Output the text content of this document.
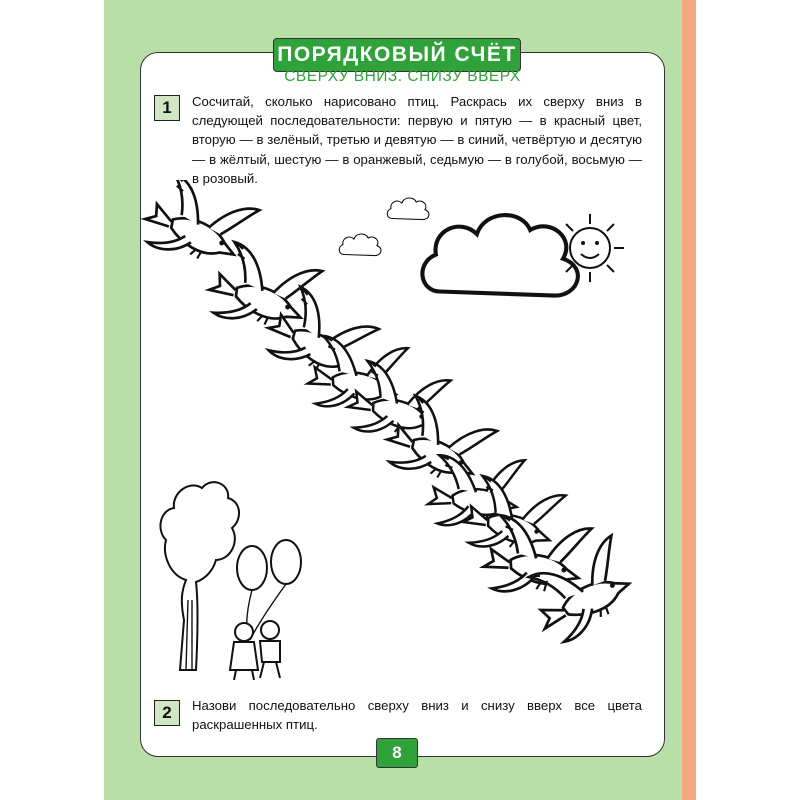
ПОРЯДКОВЫЙ СЧЁТ
СВЕРХУ ВНИЗ. СНИЗУ ВВЕРХ
1	Сосчитай, сколько нарисовано птиц. Раскрась их сверху вниз в следующей последовательности: первую и пятую — в красный цвет, вторую — в зелёный, третью и девятую — в синий, четвёртую и десятую — в жёлтый, шестую — в оранжевый, седьмую — в голубой, восьмую — в розовый.
2	Назови последовательно сверху вниз и снизу вверх все цвета раскрашенных птиц.
8
